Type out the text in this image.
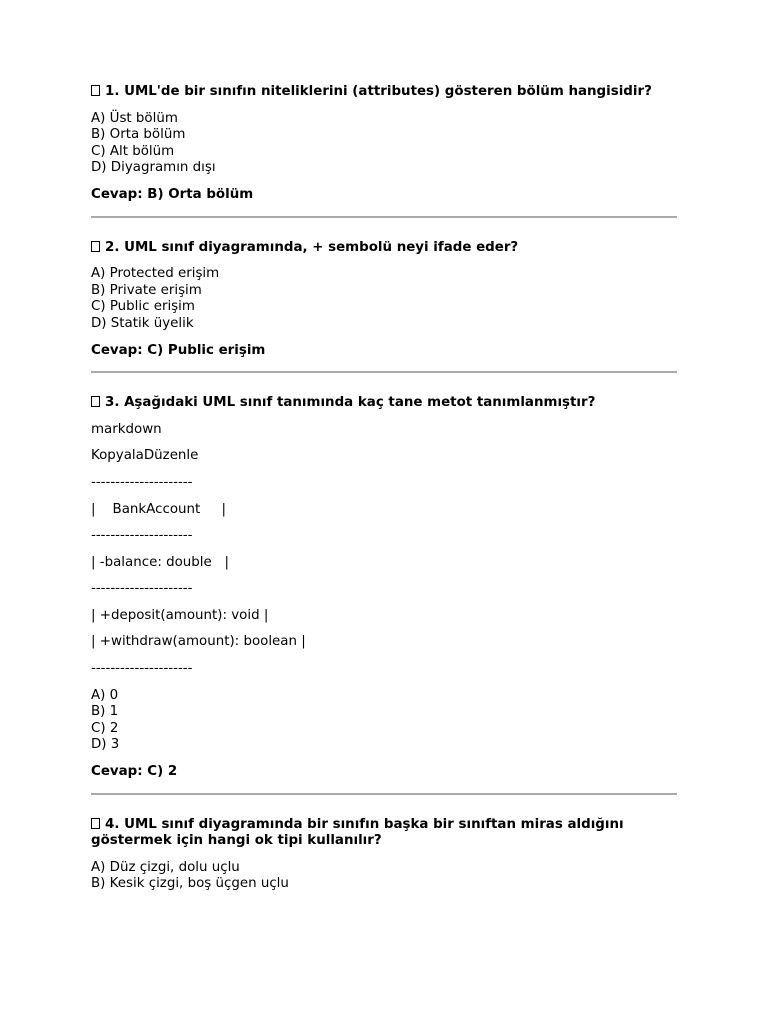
1. UML'de bir sınıfın niteliklerini (attributes) gösteren bölüm hangisidir?

A) Üst bölüm
B) Orta bölüm
C) Alt bölüm
D) Diyagramın dışı

Cevap: B) Orta bölüm

2. UML sınıf diyagramında, + sembolü neyi ifade eder?

A) Protected erişim
B) Private erişim
C) Public erişim
D) Statik üyelik

Cevap: C) Public erişim

3. Aşağıdaki UML sınıf tanımında kaç tane metot tanımlanmıştır?

markdown

KopyalaDüzenle

---------------------

|    BankAccount     |

---------------------

| -balance: double   |

---------------------

| +deposit(amount): void |

| +withdraw(amount): boolean |

---------------------

A) 0
B) 1
C) 2
D) 3

Cevap: C) 2

4. UML sınıf diyagramında bir sınıfın başka bir sınıftan miras aldığını göstermek için hangi ok tipi kullanılır?

A) Düz çizgi, dolu uçlu
B) Kesik çizgi, boş üçgen uçlu
